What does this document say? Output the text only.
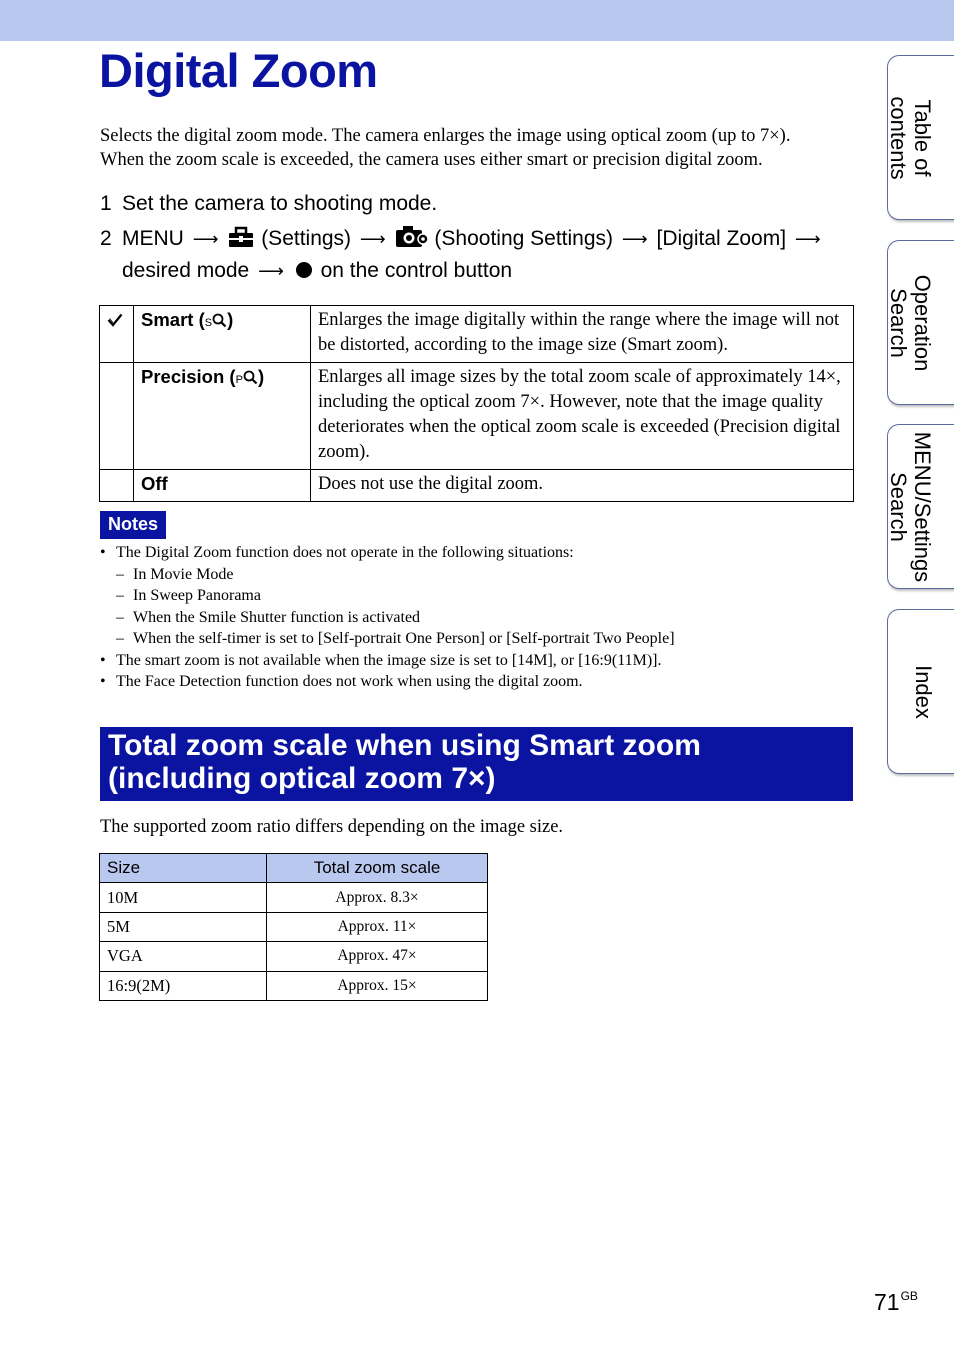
Digital Zoom
Selects the digital zoom mode. The camera enlarges the image using optical zoom (up to 7×).
When the zoom scale is exceeded, the camera uses either smart or precision digital zoom.
1 Set the camera to shooting mode.
2 MENU ⟶ (Settings) ⟶ (Shooting Settings) ⟶ [Digital Zoom] ⟶
desired mode ⟶ on the control button
	Smart (S )	Enlarges the image digitally within the range where the image will not be distorted, according to the image size (Smart zoom).
	Precision (P )	Enlarges all image sizes by the total zoom scale of approximately 14×, including the optical zoom 7×. However, note that the image quality deteriorates when the optical zoom scale is exceeded (Precision digital zoom).
	Off	Does not use the digital zoom.
Notes
• The Digital Zoom function does not operate in the following situations:
– In Movie Mode
– In Sweep Panorama
– When the Smile Shutter function is activated
– When the self-timer is set to [Self-portrait One Person] or [Self-portrait Two People]
• The smart zoom is not available when the image size is set to [14M], or [16:9(11M)].
• The Face Detection function does not work when using the digital zoom.
Total zoom scale when using Smart zoom
(including optical zoom 7×)
The supported zoom ratio differs depending on the image size.
Size	Total zoom scale
10M	Approx. 8.3×
5M	Approx. 11×
VGA	Approx. 47×
16:9(2M)	Approx. 15×
Table of
contents
Operation
Search
MENU/Settings
Search
Index
$71^{GB}$
